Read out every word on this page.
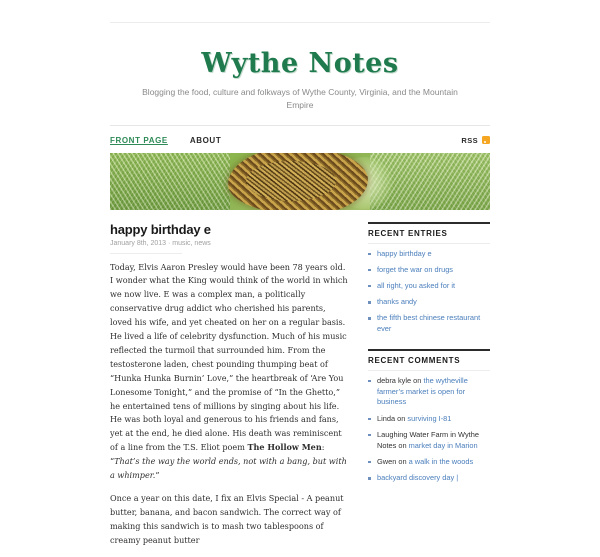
Wythe Notes
Blogging the food, culture and folkways of Wythe County, Virginia, and the Mountain Empire
FRONT PAGE	ABOUT	RSS
happy birthday e
January 8th, 2013 · music, news

Today, Elvis Aaron Presley would have been 78 years old. I wonder what the King would think of the world in which we now live. E was a complex man, a politically conservative drug addict who cherished his parents, loved his wife, and yet cheated on her on a regular basis. He lived a life of celebrity dysfunction. Much of his music reflected the turmoil that surrounded him. From the testosterone laden, chest pounding thumping beat of “Hunka Hunka Burnin’ Love,” the heartbreak of ‘Are You Lonesome Tonight,” and the promise of “In the Ghetto,” he entertained tens of millions by singing about his life. He was both loyal and generous to his friends and fans, yet at the end, he died alone. His death was reminiscent of a line from the T.S. Eliot poem The Hollow Men: “That’s the way the world ends, not with a bang, but with a whimper.”

Once a year on this date, I fix an Elvis Special - A peanut butter, banana, and bacon sandwich. The correct way of making this sandwich is to mash two tablespoons of creamy peanut butter

RECENT ENTRIES
happy birthday e
forget the war on drugs
all right, you asked for it
thanks andy
the fifth best chinese restaurant ever
RECENT COMMENTS
debra kyle on the wytheville farmer’s market is open for business
Linda on surviving I-81
Laughing Water Farm in Wythe Notes on market day in Marion
Gwen on a walk in the woods
backyard discovery day |
